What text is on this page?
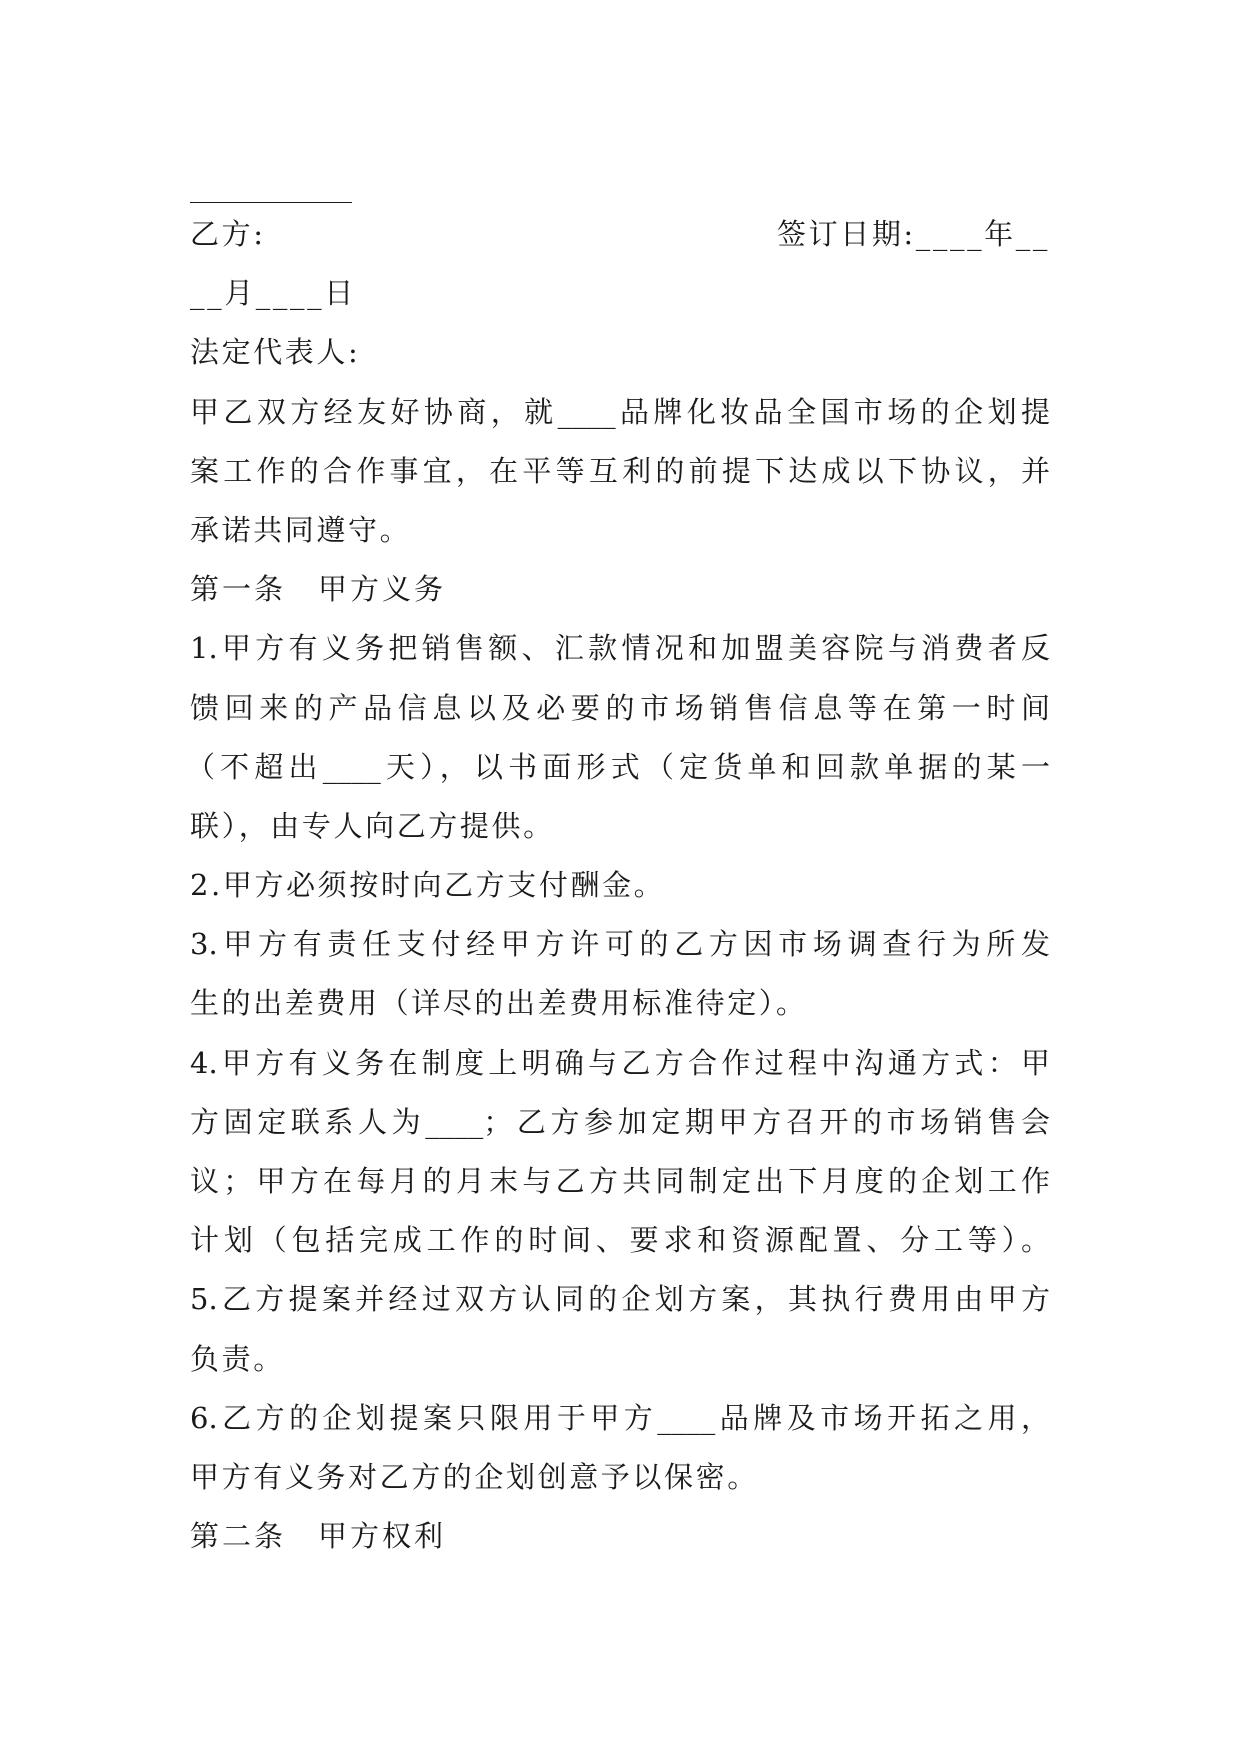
乙方:	签订日期:____年__
__月____日
法定代表人:
甲乙双方经友好协商，就____品牌化妆品全国市场的企划提
案工作的合作事宜，在平等互利的前提下达成以下协议，并
承诺共同遵守。
第一条　甲方义务
1.甲方有义务把销售额、汇款情况和加盟美容院与消费者反
馈回来的产品信息以及必要的市场销售信息等在第一时间
（不超出____天），以书面形式（定货单和回款单据的某一
联），由专人向乙方提供。
2.甲方必须按时向乙方支付酬金。
3.甲方有责任支付经甲方许可的乙方因市场调查行为所发
生的出差费用（详尽的出差费用标准待定）。
4.甲方有义务在制度上明确与乙方合作过程中沟通方式：甲
方固定联系人为____；乙方参加定期甲方召开的市场销售会
议；甲方在每月的月末与乙方共同制定出下月度的企划工作
计划（包括完成工作的时间、要求和资源配置、分工等）。
5.乙方提案并经过双方认同的企划方案，其执行费用由甲方
负责。
6.乙方的企划提案只限用于甲方____品牌及市场开拓之用，
甲方有义务对乙方的企划创意予以保密。
第二条　甲方权利
